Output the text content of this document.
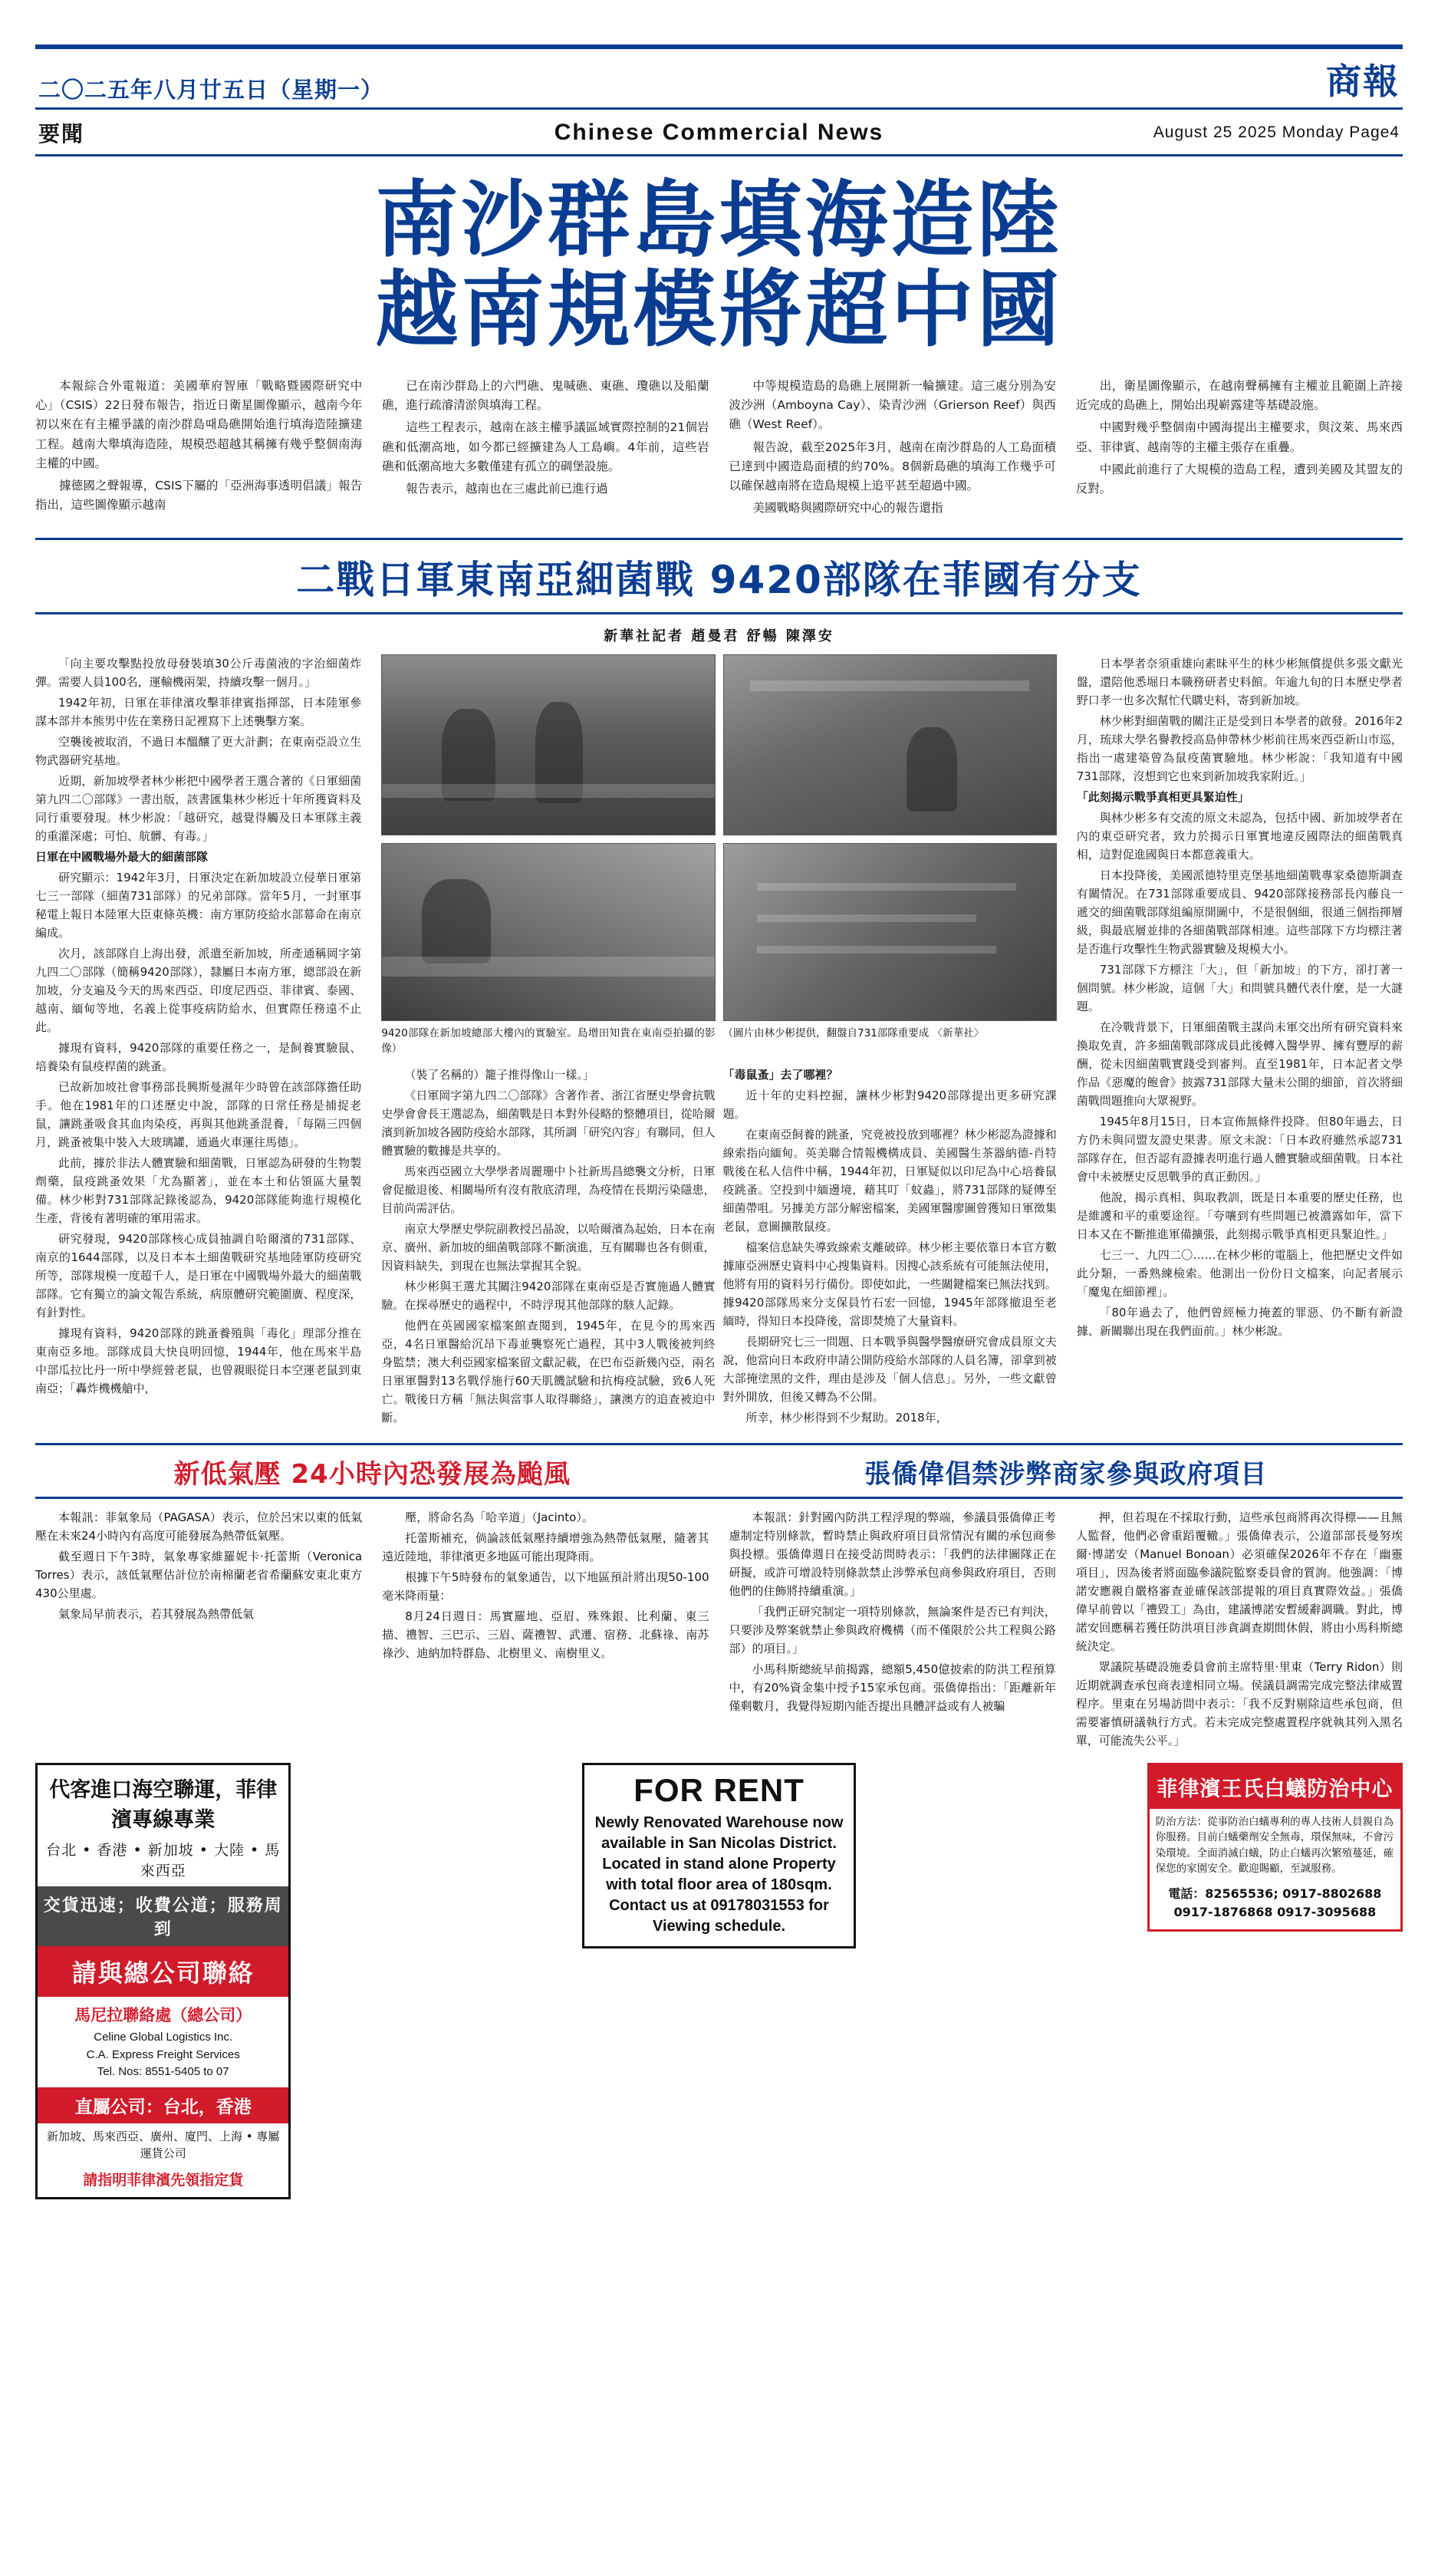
二〇二五年八月廿五日（星期一）	商報
要聞	Chinese Commercial News	August 25 2025 Monday Page4
南沙群島填海造陸
越南規模將超中國

本報綜合外電報道：美國華府智庫「戰略暨國際研究中心」（CSIS）22日發布報告，指近日衛星圖像顯示，越南今年初以來在有主權爭議的南沙群島때島礁開始進行填海造陸擴建工程。越南大舉填海造陸，規模恐超越其稱擁有幾乎整個南海主權的中國。

據德國之聲報導，CSIS下屬的「亞洲海事透明倡議」報告指出，這些圖像顯示越南

已在南沙群島上的六門礁、鬼喊礁、東礁、瓊礁以及船蘭礁，進行疏濬清淤與填海工程。

這些工程表示，越南在該主權爭議區域實際控制的21個岩礁和低潮高地，如今都已經擴建為人工島嶼。4年前，這些岩礁和低潮高地大多數僅建有孤立的碉堡設施。

報告表示，越南也在三處此前已進行過

中等規模造島的島礁上展開新一輪擴建。這三處分別為安波沙洲（Amboyna Cay）、染青沙洲（Grierson Reef）與西礁（West Reef）。

報告說，截至2025年3月，越南在南沙群島的人工島面積已達到中國造島面積的約70%。8個新島礁的填海工作幾乎可以確保越南將在造島規模上追平甚至超過中國。

美國戰略與國際研究中心的報告還指

出，衛星圖像顯示，在越南聲稱擁有主權並且範圍上許接近完成的島礁上，開始出現嶄露建等基礎設施。

中國對幾乎整個南中國海提出主權要求，與汶萊、馬來西亞、菲律賓、越南等的主權主張存在重疊。

中國此前進行了大規模的造島工程，遭到美國及其盟友的反對。

二戰日軍東南亞細菌戰 9420部隊在菲國有分支
新華社記者 趙曼君 舒暢 陳澤安

「向主要攻擊點投放母發裝填30公斤毒菌液的字治細菌炸彈。需要人員100名，運輸機兩架，持續攻擊一個月。」

1942年初，日軍在菲律濱攻擊菲律賓指揮部，日本陸軍參謀本部井本熊男中佐在業務日記裡寫下上述襲擊方案。

空襲後被取消，不過日本醞釀了更大計劃；在東南亞設立生物武器研究基地。

近期，新加坡學者林少彬把中國學者王選合著的《日軍細菌第九四二〇部隊》一書出版，該書匯集林少彬近十年所獲資料及同行重要發現。林少彬說：「越研究，越覺得觸及日本軍隊主義的重灌深處；可怕、航髒、有毒。」

日軍在中國戰場外最大的細菌部隊

研究顯示：1942年3月，日軍決定在新加坡設立侵華日軍第七三一部隊（細菌731部隊）的兄弟部隊。當年5月，一封軍事秘電上報日本陸軍大臣東條英機：南方軍防疫給水部幕命在南京編成。

次月，該部隊自上海出發，派遣至新加坡，所產通稱岡字第九四二〇部隊（簡稱9420部隊），隸屬日本南方軍，總部設在新加坡，分支遍及今天的馬來西亞、印度尼西亞、菲律賓、泰國、越南、緬甸等地，名義上從事疫病防給水，但實際任務遠不止此。

據現有資料，9420部隊的重要任務之一，是飼養實驗鼠、培養染有鼠疫桿菌的跳蚤。

已故新加坡社會事務部長興斯曼濕年少時曾在該部隊擔任助手。他在1981年的口述歷史中說，部隊的日常任務是捕捉老鼠，讓跳蚤吸食其血肉染疫，再與其他跳蚤混養，「每隔三四個月，跳蚤被集中裝入大玻璃罐，通過火車運往馬德」。

此前，據於非法人體實驗和細菌戰，日軍認為研發的生物製劑藥，鼠疫跳蚤效果「尤為顯著」，並在本土和佔領區大量製備。林少彬對731部隊記錄後認為，9420部隊能夠進行規模化生產，背後有著明確的軍用需求。

研究發現，9420部隊核心成員抽調自哈爾濱的731部隊、南京的1644部隊，以及日本本土細菌戰研究基地陸軍防疫研究所等，部隊規模一度超千人，是日軍在中國戰場外最大的細菌戰部隊。它有獨立的論文報告系統，病原體研究範圍廣、程度深，有針對性。

據現有資料，9420部隊的跳蚤養殖與「毒化」理部分推在東南亞多地。部隊成員大快良明回憶，1944年，他在馬來半島中部瓜拉比丹一所中學經營老鼠，也曾親眼從日本空運老鼠到東南亞；「轟炸機機艙中，

9420部隊在新加坡總部大樓內的實驗室。島增田知貴在東南亞拍攝的影像）
（圖片由林少彬提供，翻盤自731部隊重要成 〈新華社〉

（裝了名稱的）籠子推得像山一樣。」

《日軍岡字第九四二〇部隊》含著作者、浙江省歷史學會抗戰史學會會長王選認為，細菌戰是日本對外侵略的整體項目，從哈爾濱到新加坡各國防疫給水部隊，其所調「研究內容」有聯同，但人體實驗的數據是共享的。

馬來西亞國立大學學者周麗珊中卜社新馬昌總襲文分析，日軍會促撤退後、相關場所有沒有散底清理，為疫情在長期污染隱患，目前尚需評估。

南京大學歷史學院副教授呂晶說，以哈爾濱為起始，日本在南京、廣州、新加坡的細菌戰部隊不斷演進，互有關聯也各有側重，因資料缺失，到現在也無法掌握其全貌。

林少彬與王選尤其關注9420部隊在東南亞是否實施過人體實驗。在探尋歷史的過程中，不時浮現其他部隊的駭人記錄。

他們在英國國家檔案館查閱到，1945年，在見今的馬來西亞，4名日軍醫給沉昂下毒並襲察死亡過程，其中3人戰後被判終身監禁；澳大利亞國家檔案留文獻記載，在巴布亞新幾內亞，兩名日軍軍醫對13名戰俘施行60天肌饑試驗和抗梅疫試驗，致6人死亡。戰後日方稱「無法與當事人取得聯絡」，讓澳方的追查被迫中斷。

「毒鼠蚤」去了哪裡？

近十年的史料控掘，讓林少彬對9420部隊提出更多研究課題。

在東南亞飼養的跳蚤，究竟被投放到哪裡？林少彬認為證據和線索指向緬甸。英美聯合情報機構成員、美國醫生茶器納德-肖特戰後在私人信件中稱，1944年初，日軍疑似以印尼為中心培養鼠疫跳蚤。空投到中緬邊境，藉其叮「蚊蟲」，將731部隊的疑傳至細菌帶咀。另據美方部分解密檔案，美國軍醫廖圖曾獲知日軍徵集老鼠，意圖擴散鼠疫。

檔案信息缺失導致線索支離破碎。林少彬主要依靠日本官方數據庫亞洲歷史資料中心搜集資料。因搜心該系統有可能無法使用，他將有用的資料另行備份。即使如此，一些關鍵檔案已無法找到。據9420部隊馬來分支保員竹石宏一回憶，1945年部隊撤退至老緬時，得知日本投降後，當即焚燒了大量資料。

長期研究七三一問題、日本戰爭與醫學醫療研究會成員原文夫說，他當向日本政府申請公開防疫給水部隊的人員名簿，卻拿到被大部掩塗黑的文件，理由是涉及「個人信息」。另外，一些文獻曾對外開放，但後又轉為不公開。

所幸，林少彬得到不少幫助。2018年，

日本學者奈須重雄向素昧平生的林少彬無償提供多張文獻光盤，還陪他悉堀日本職務研者史料館。年逾九旬的日本歷史學者野口孝一也多次幫忙代購史料，寄到新加坡。

林少彬對細菌戰的關注正是受到日本學者的啟發。2016年2月，琉球大學名譽教授高島伸帶林少彬前往馬來西亞新山市巡，指出一處建築曾為鼠疫菌實驗地。林少彬說：「我知道有中國731部隊，沒想到它也來到新加坡我家附近。」

「此刻揭示戰爭真相更具緊迫性」

與林少彬多有交流的原文未認為，包括中國、新加坡學者在內的東亞研究者，致力於揭示日軍實地違反國際法的細菌戰真相，這對促進國與日本都意義重大。

日本投降後，美國派德特里克堡基地細菌戰專家桑德斯調查有關情況。在731部隊重要成員、9420部隊接務部長內藤良一遞交的細菌戰部隊組編原開圖中，不是很個細，很通三個指揮層級，與最底層並排的各細菌戰部隊相連。這些部隊下方均標注著是否進行攻擊性生物武器實驗及規模大小。

731部隊下方標注「大」，但「新加坡」的下方，卻打著一個問號。林少彬說，這個「大」和問號具體代表什麼，是一大謎題。

在冷戰背景下，日軍細菌戰主謀尚未軍交出所有研究資料來換取免責，許多細菌戰部隊成員此後轉入醫學界、擁有豐厚的薪酬，從未因細菌戰實踐受到審判。直至1981年，日本記者文學作品《惡魔的飽會》披露731部隊大量未公開的細節，首次將細菌戰問題推向大眾視野。

1945年8月15日，日本宣佈無條件投降。但80年過去，日方仍未與同盟友證史果書。原文未說：「日本政府雖然承認731部隊存在，但否認有證據表明進行過人體實驗或細菌戰。日本社會中未被歷史反思戰爭的真正動因。」

他說，揭示真相、與取教訓，既是日本重要的歷史任務，也是維護和平的重要途徑。「夸嚷到有些問題已被濃露如年，當下日本又在不斷推進軍備擴張，此刻揭示戰爭真相更具緊迫性。」

七三一、九四二〇……在林少彬的電腦上，他把歷史文件如此分類，一番熟練檢索。他測出一份份日文檔案，向記者展示「魔鬼在細節裡」。

「80年過去了，他們曾經極力掩蓋的罪惡、仍不斷有新證據、新關聯出現在我們面前。」林少彬說。

新低氣壓 24小時內恐發展為颱風	張僑偉倡禁涉弊商家參與政府項目

本報訊：菲氣象局（PAGASA）表示，位於呂宋以東的低氣壓在未來24小時內有高度可能發展為熱帶低氣壓。

截至週日下午3時，氣象專家維羅妮卡·托蕾斯（Veronica Torres）表示，該低氣壓估計位於南棉蘭老省希蘭蘇安東北東方430公里處。

氣象局早前表示，若其發展為熱帶低氣

壓，將命名為「哈辛道」（Jacinto）。

托蕾斯補充，倘論該低氣壓持續增強為熱帶低氣壓，隨著其遠近陸地，菲律濱更多地區可能出現降雨。

根據下午5時發布的氣象通告，以下地區預計將出現50-100毫米降雨量：

8月24日週日：馬實羅地、亞眉、殊殊銀、比利蘭、東三描、禮智、三巴示、三眉、薩禮智、武遷、宿務、北蘇祿、南苏祿沙、迪納加特群島、北樹里义、南樹里义。

本報訊：針對國內防洪工程浮現的弊端，參議員張僑偉正考慮制定特別條款，暫時禁止與政府項目員常情況有關的承包商參與投標。張僑偉週日在接受訪問時表示：「我們的法律圖隊正在研擬，或許可增設特別條款禁止涉弊承包商參與政府項目，否則他們的住飾將持續重演。」

「我們正研究制定一項特別條款，無論案件是否已有判決，只要涉及弊案就禁止參與政府機構（而不僅限於公共工程與公路部）的項目。」

小馬科斯總統早前揭露，總額5,450億披索的防洪工程預算中，有20%資金集中授予15家承包商。張僑偉指出：「距離新年僅剩數月，我覺得短期內能否提出具體評益或有人被騙

押，但若現在不採取行動，這些承包商將再次得標——且無人監督，他們必會重蹈覆轍。」張僑偉表示，公道部部長曼努埃爾·博諾安（Manuel Bonoan）必須確保2026年不存在「幽靈項目」，因為後者將面臨參議院監察委員會的質詢。他強調：「博諾安應親自嚴格審查並確保該部提報的項目真實際效益。」張僑偉早前曾以「禮毀工」為由，建議博諾安暫緩辭調職。對此，博諾安回應稱若獲任防洪項目涉貪調查期間休假，將由小馬科斯總統決定。

眾議院基礎設施委員會前主席特里·里東（Terry Ridon）則近期就調查承包商表達相同立場。侯議員調需完成完整法律威置程序。里東在另場訪問中表示：「我不反對剔除這些承包商，但需要審慎研議執行方式。若未完成完整處置程序就執其列入黑名單，可能流失公平。」

代客進口海空聯運，菲律濱專線專業
台北 • 香港 • 新加坡 • 大陸 • 馬來西亞
交貨迅速；收費公道；服務周到
請與總公司聯絡
馬尼拉聯絡處（總公司）
Celine Global Logistics Inc.
C.A. Express Freight Services
Tel. Nos: 8551-5405 to 07
直屬公司：台北，香港
新加坡、馬來西亞、廣州、廈門、上海 • 專屬運貨公司
請指明菲律濱先領指定貨
FOR RENT
Newly Renovated Warehouse now available in San Nicolas District. Located in stand alone Property with total floor area of 180sqm. Contact us at 09178031553 for Viewing schedule.
菲律濱王氏白蟻防治中心
防治方法：從事防治白蟻專利的專人技術人員親自為你服務。目前白蟻藥劑安全無毒，環保無味，不會污染環境。全面消滅白蟻，防止白蟻再次繁殖蔓延，確保您的家園安全。歡迎賜顧，至誠服務。
電話：82565536; 0917-8802688
0917-1876868 0917-3095688
